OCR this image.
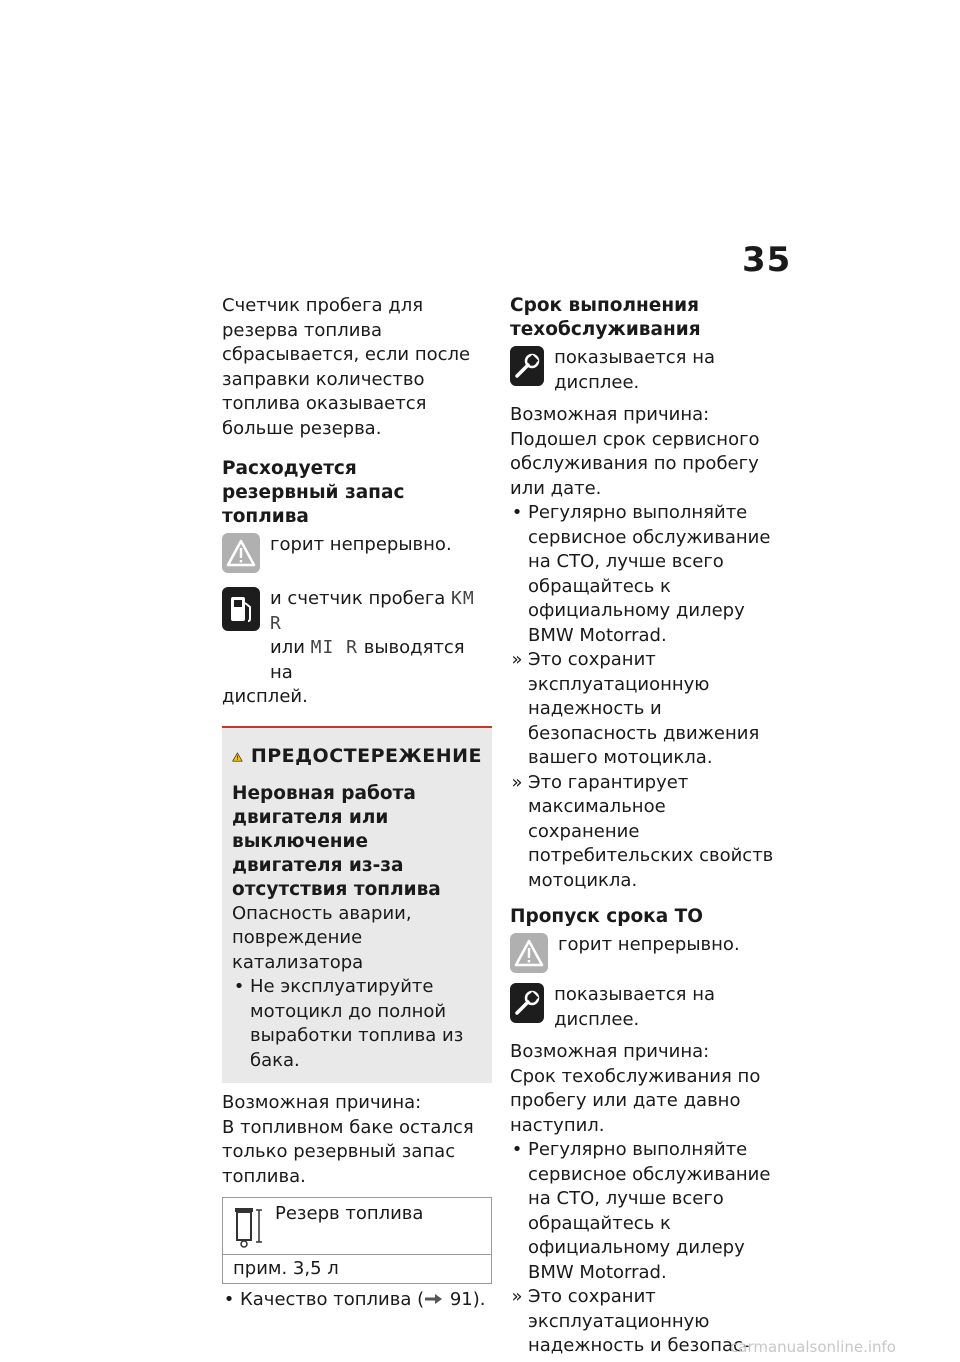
35

Счетчик пробега для резерва топлива сбрасывается, если после заправки количество топлива оказывается больше резерва.

Расходуется резервный запас топлива

горит непрерывно.
и счетчик пробега KM R
или MI R выводятся на

дисплей.

ПРЕДОСТЕРЕЖЕНИЕ

Неровная работа двигателя или выключение двигателя из-за отсутствия топлива

Опасность аварии, повреждение катализатора

• Не эксплуатируйте мотоцикл до полной выработки топлива из бака.

Возможная причина:

В топливном баке остался только резервный запас топлива.

Резерв топлива
прим. 3,5 л
• Качество топлива ( 91).

Срок выполнения техобслуживания

показывается на дисплее.

Возможная причина:

Подошел срок сервисного обслуживания по пробегу или дате.

• Регулярно выполняйте сервисное обслуживание на СТО, лучше всего обращайтесь к официальному дилеру BMW Motorrad.
» Это сохранит эксплуатационную надежность и безопасность движения вашего мотоцикла.
» Это гарантирует максимальное сохранение потребительских свойств мотоцикла.

Пропуск срока ТО

горит непрерывно.
показывается на дисплее.

Возможная причина:

Срок техобслуживания по пробегу или дате давно наступил.

• Регулярно выполняйте сервисное обслуживание на СТО, лучше всего обращайтесь к официальному дилеру BMW Motorrad.
» Это сохранит эксплуатационную надежность и безопас-
carmanualsonline.info
